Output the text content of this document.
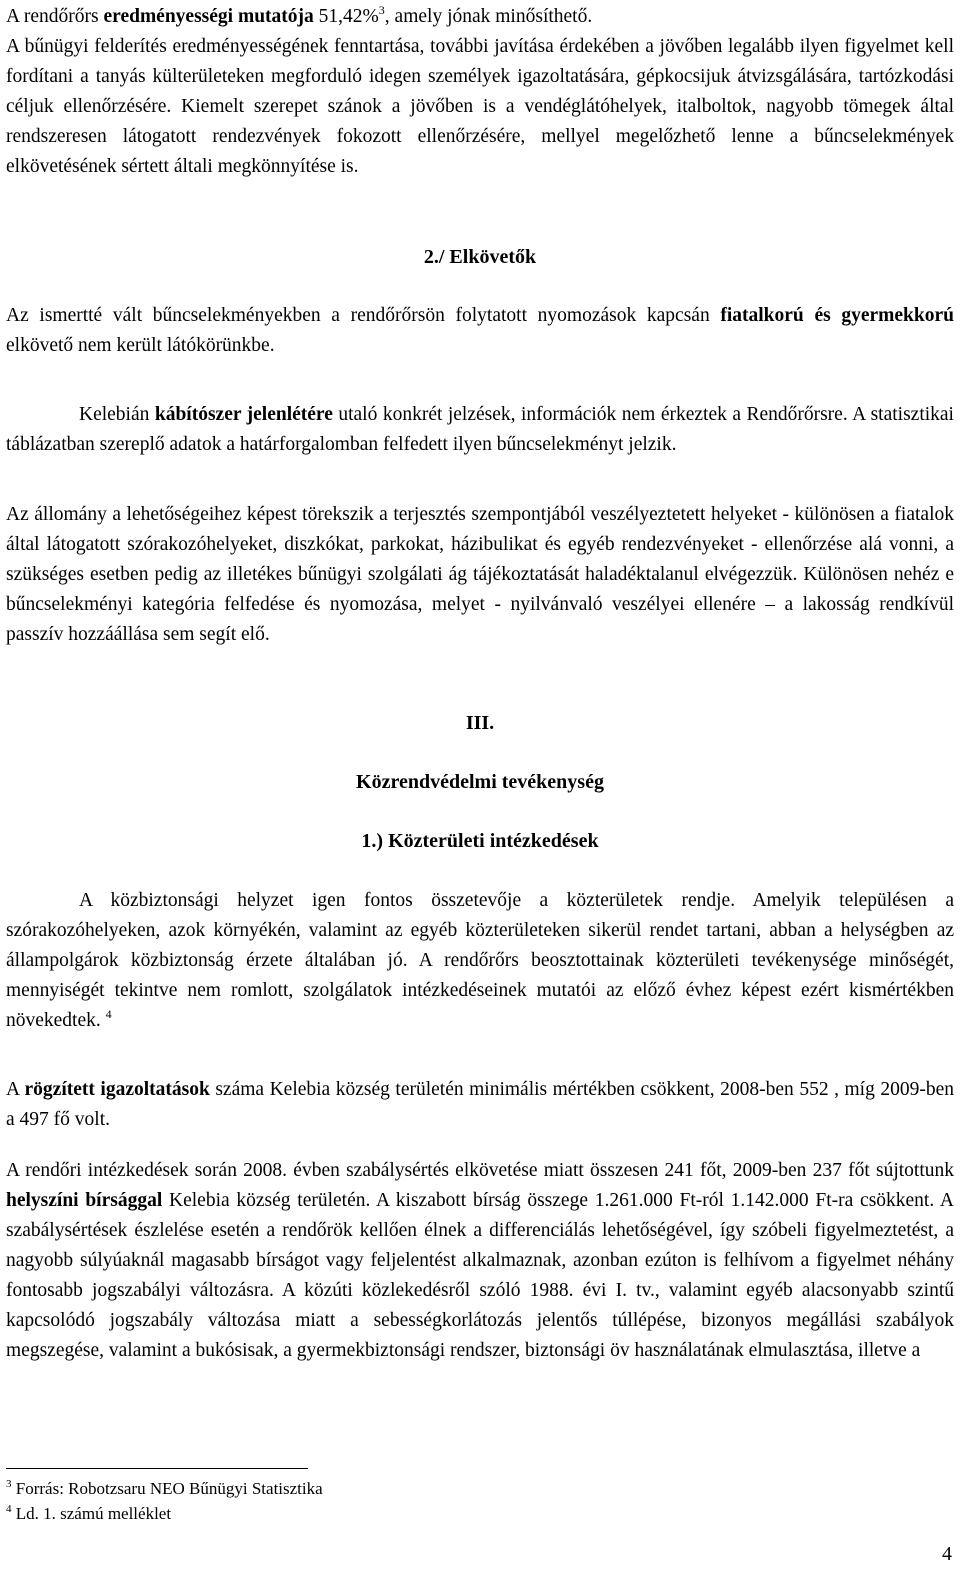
A rendőrőrs eredményességi mutatója 51,42%$^3$, amely jónak minősíthető.
A bűnügyi felderítés eredményességének fenntartása, további javítása érdekében a jövőben legalább ilyen figyelmet kell fordítani a tanyás külterületeken megforduló idegen személyek igazoltatására, gépkocsijuk átvizsgálására, tartózkodási céljuk ellenőrzésére. Kiemelt szerepet szánok a jövőben is a vendéglátóhelyek, italboltok, nagyobb tömegek által rendszeresen látogatott rendezvények fokozott ellenőrzésére, mellyel megelőzhető lenne a bűncselekmények elkövetésének sértett általi megkönnyítése is.

2./ Elkövetők

Az ismertté vált bűncselekményekben a rendőrőrsön folytatott nyomozások kapcsán fiatalkorú és gyermekkorú elkövető nem került látókörünkbe.

Kelebián kábítószer jelenlétére utaló konkrét jelzések, információk nem érkeztek a Rendőrőrsre. A statisztikai táblázatban szereplő adatok a határforgalomban felfedett ilyen bűncselekményt jelzik.

Az állomány a lehetőségeihez képest törekszik a terjesztés szempontjából veszélyeztetett helyeket - különösen a fiatalok által látogatott szórakozóhelyeket, diszkókat, parkokat, házibulikat és egyéb rendezvényeket - ellenőrzése alá vonni, a szükséges esetben pedig az illetékes bűnügyi szolgálati ág tájékoztatását haladéktalanul elvégezzük. Különösen nehéz e bűncselekményi kategória felfedése és nyomozása, melyet - nyilvánvaló veszélyei ellenére – a lakosság rendkívül passzív hozzáállása sem segít elő.

III.
Közrendvédelmi tevékenység
1.) Közterületi intézkedések

A közbiztonsági helyzet igen fontos összetevője a közterületek rendje. Amelyik településen a szórakozóhelyeken, azok környékén, valamint az egyéb közterületeken sikerül rendet tartani, abban a helységben az állampolgárok közbiztonság érzete általában jó. A rendőrőrs beosztottainak közterületi tevékenysége minőségét, mennyiségét tekintve nem romlott, szolgálatok intézkedéseinek mutatói az előző évhez képest ezért kismértékben növekedtek. $^4$

A rögzített igazoltatások száma Kelebia község területén minimális mértékben csökkent, 2008-ben 552 , míg 2009-ben a 497 fő volt.

A rendőri intézkedések során 2008. évben szabálysértés elkövetése miatt összesen 241 főt, 2009-ben 237 főt sújtottunk helyszíni bírsággal Kelebia község területén. A kiszabott bírság összege 1.261.000 Ft-ról 1.142.000 Ft-ra csökkent. A szabálysértések észlelése esetén a rendőrök kellően élnek a differenciálás lehetőségével, így szóbeli figyelmeztetést, a nagyobb súlyúaknál magasabb bírságot vagy feljelentést alkalmaznak, azonban ezúton is felhívom a figyelmet néhány fontosabb jogszabályi változásra. A közúti közlekedésről szóló 1988. évi I. tv., valamint egyéb alacsonyabb szintű kapcsolódó jogszabály változása miatt a sebességkorlátozás jelentős túllépése, bizonyos megállási szabályok megszegése, valamint a bukósisak, a gyermekbiztonsági rendszer, biztonsági öv használatának elmulasztása, illetve a

$^3$ Forrás: Robotzsaru NEO Bűnügyi Statisztika
$^4$ Ld. 1. számú melléklet
4
